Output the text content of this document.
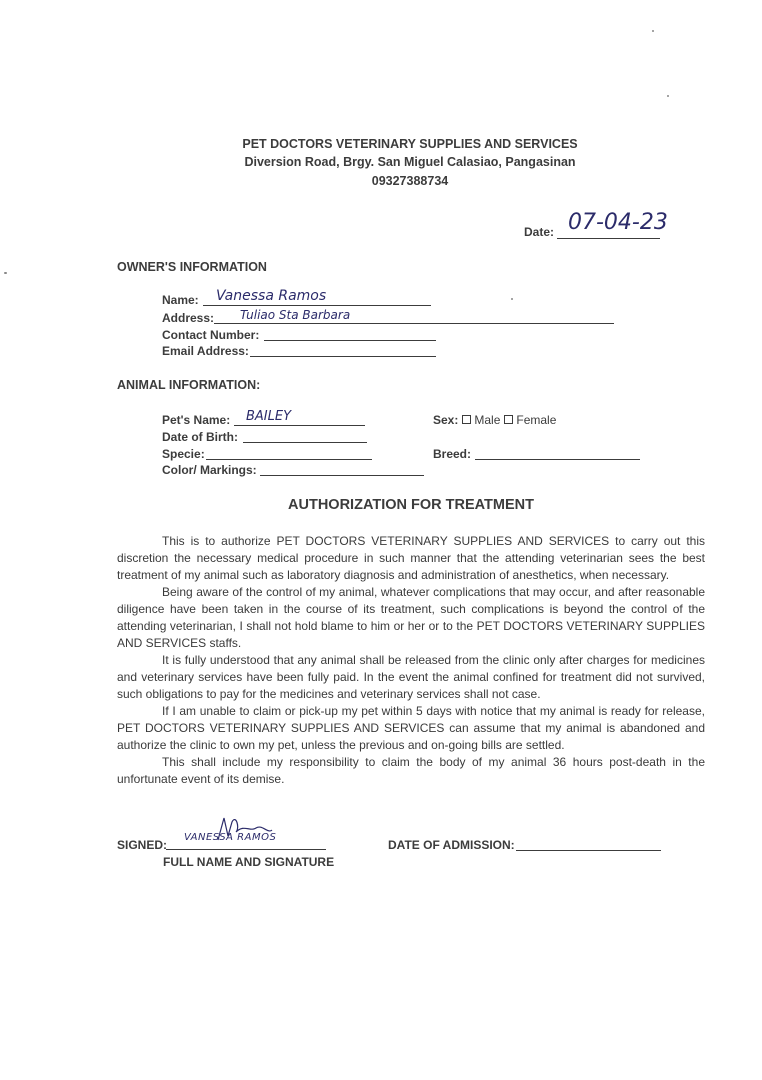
PET DOCTORS VETERINARY SUPPLIES AND SERVICES
Diversion Road, Brgy. San Miguel Calasiao, Pangasinan
09327388734
Date: 07-04-23
OWNER'S INFORMATION
Name: Vanessa Ramos
Address: Tuliao Sta Barbara
Contact Number:
Email Address:
ANIMAL INFORMATION:
Pet's Name: BAILEY
Date of Birth:
Specie:
Color/ Markings:
Sex: Male Female
Breed:
AUTHORIZATION FOR TREATMENT

This is to authorize PET DOCTORS VETERINARY SUPPLIES AND SERVICES to carry out this discretion the necessary medical procedure in such manner that the attending veterinarian sees the best treatment of my animal such as laboratory diagnosis and administration of anesthetics, when necessary.

Being aware of the control of my animal, whatever complications that may occur, and after reasonable diligence have been taken in the course of its treatment, such complications is beyond the control of the attending veterinarian, I shall not hold blame to him or her or to the PET DOCTORS VETERINARY SUPPLIES AND SERVICES staffs.

It is fully understood that any animal shall be released from the clinic only after charges for medicines and veterinary services have been fully paid. In the event the animal confined for treatment did not survived, such obligations to pay for the medicines and veterinary services shall not case.

If I am unable to claim or pick-up my pet within 5 days with notice that my animal is ready for release, PET DOCTORS VETERINARY SUPPLIES AND SERVICES can assume that my animal is abandoned and authorize the clinic to own my pet, unless the previous and on-going bills are settled.

This shall include my responsibility to claim the body of my animal 36 hours post-death in the unfortunate event of its demise.

SIGNED:
VANESSA RAMOS
FULL NAME AND SIGNATURE
DATE OF ADMISSION:
